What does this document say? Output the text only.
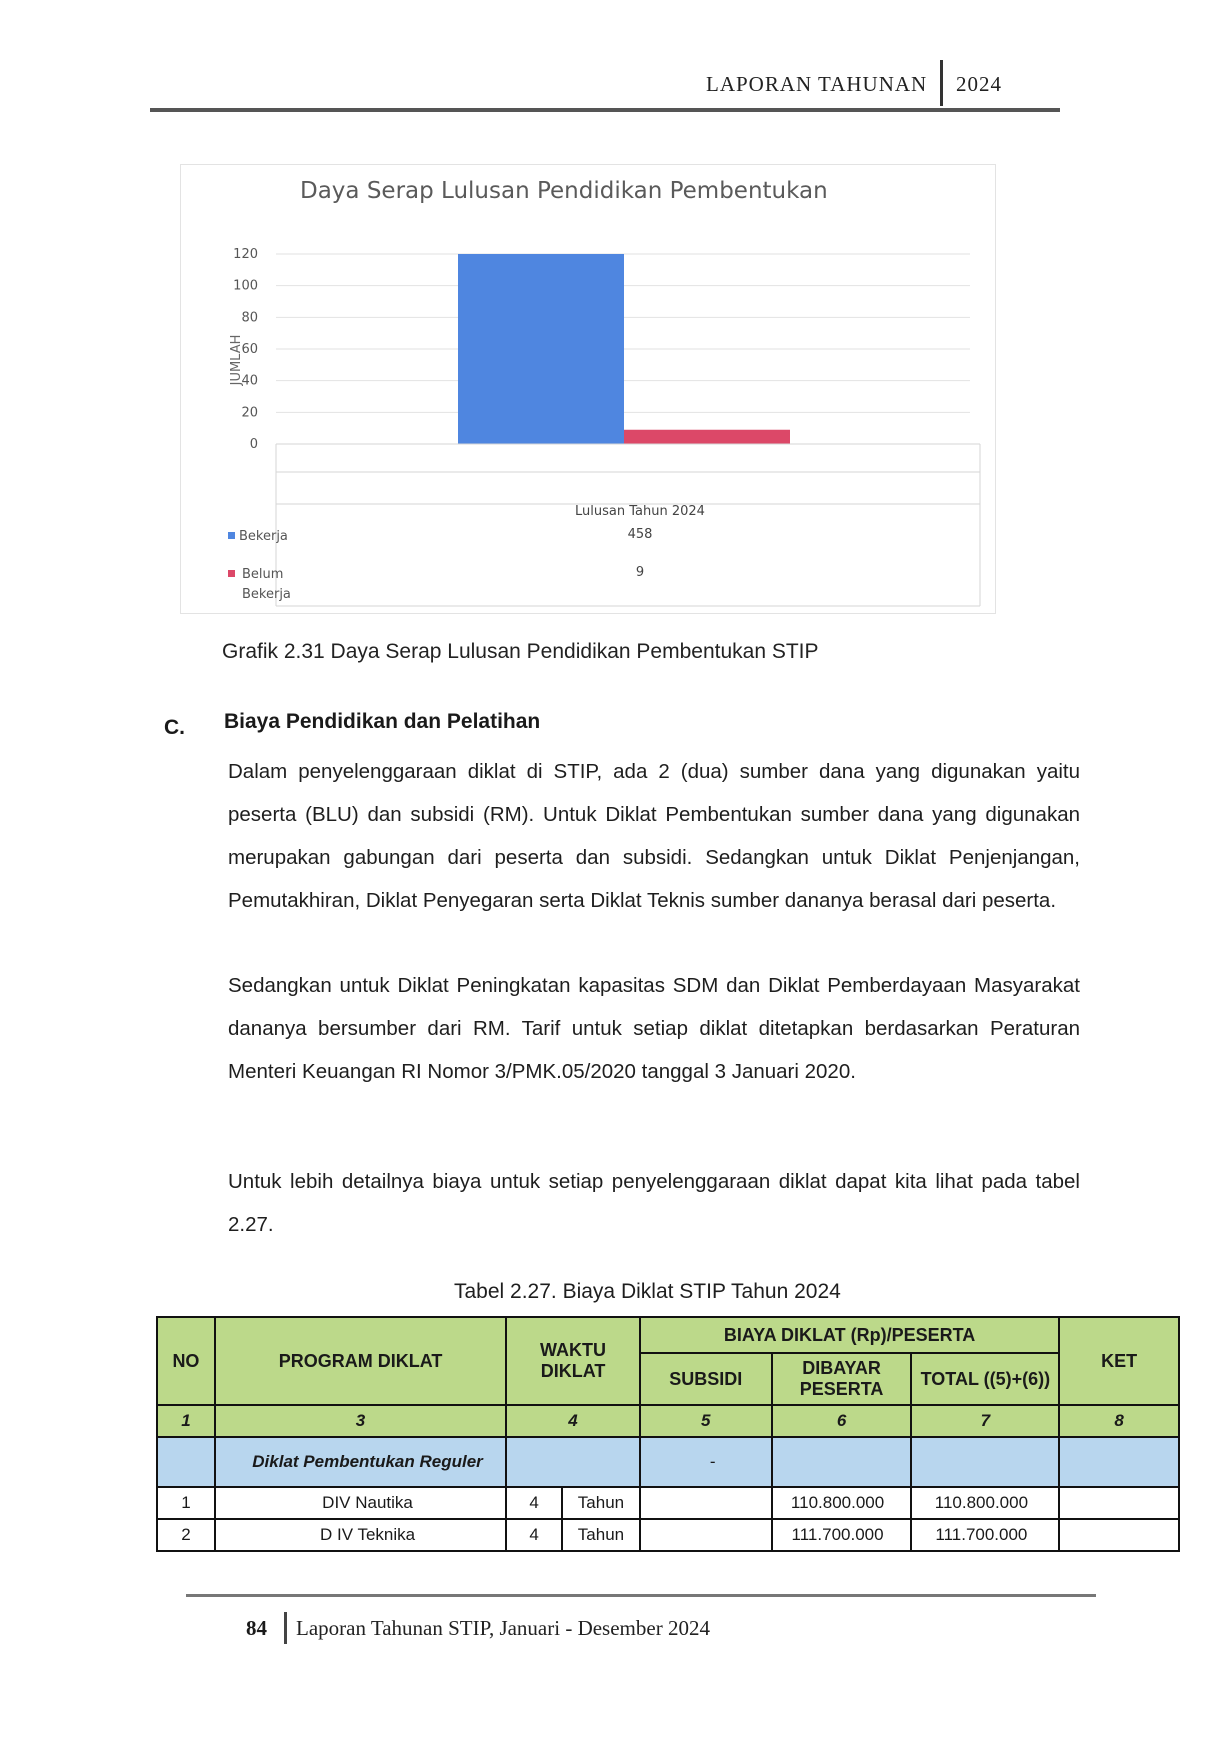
LAPORAN TAHUNAN 2024
Daya Serap Lulusan Pendidikan Pembentukan
0
20
40
60
80
100
120
JUMLAH
Lulusan Tahun 2024
Bekerja	458
Belum
Bekerja
9
Grafik 2.31 Daya Serap Lulusan Pendidikan Pembentukan STIP
C. Biaya Pendidikan dan Pelatihan

Dalam penyelenggaraan diklat di STIP, ada 2 (dua) sumber dana yang digunakan yaitu peserta (BLU) dan subsidi (RM). Untuk Diklat Pembentukan sumber dana yang digunakan merupakan gabungan dari peserta dan subsidi. Sedangkan untuk Diklat Penjenjangan, Pemutakhiran, Diklat Penyegaran serta Diklat Teknis sumber dananya berasal dari peserta.

Sedangkan untuk Diklat Peningkatan kapasitas SDM dan Diklat Pemberdayaan Masyarakat dananya bersumber dari RM. Tarif untuk setiap diklat ditetapkan berdasarkan Peraturan Menteri Keuangan RI Nomor 3/PMK.05/2020 tanggal 3 Januari 2020.

Untuk lebih detailnya biaya untuk setiap penyelenggaraan diklat dapat kita lihat pada tabel 2.27.

Tabel 2.27. Biaya Diklat STIP Tahun 2024
NO	PROGRAM DIKLAT	WAKTU DIKLAT		BIAYA DIKLAT (Rp)/PESERTA			KET
				SUBSIDI	DIBAYAR PESERTA	TOTAL ((5)+(6))	
1	3	4		5	6	7	8
	Diklat Pembentukan Reguler			-			
1	DIV Nautika	4	Tahun		110.800.000	110.800.000	
2	D IV Teknika	4	Tahun		111.700.000	111.700.000	
84 Laporan Tahunan STIP, Januari - Desember 2024
